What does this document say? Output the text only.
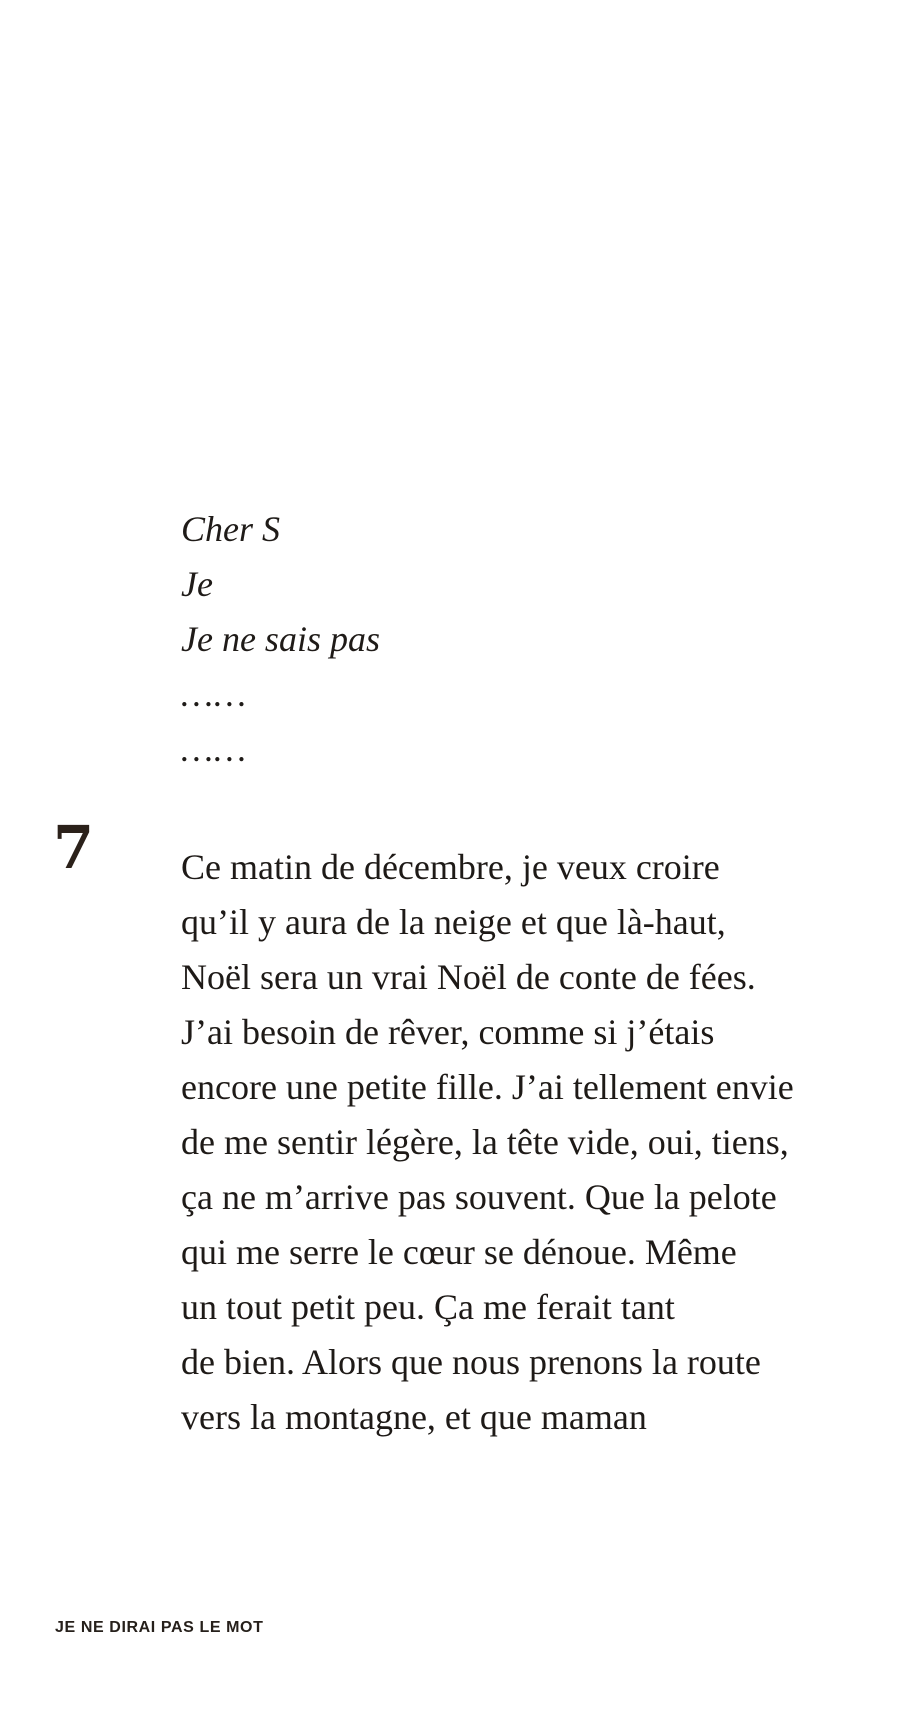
Cher S
Je
Je ne sais pas
……
……
7 Ce matin de décembre, je veux croire
qu’il y aura de la neige et que là-haut,
Noël sera un vrai Noël de conte de fées.
J’ai besoin de rêver, comme si j’étais
encore une petite fille. J’ai tellement envie
de me sentir légère, la tête vide, oui, tiens,
ça ne m’arrive pas souvent. Que la pelote
qui me serre le cœur se dénoue. Même
un tout petit peu. Ça me ferait tant
de bien. Alors que nous prenons la route
vers la montagne, et que maman
JE NE DIRAI PAS LE MOT
